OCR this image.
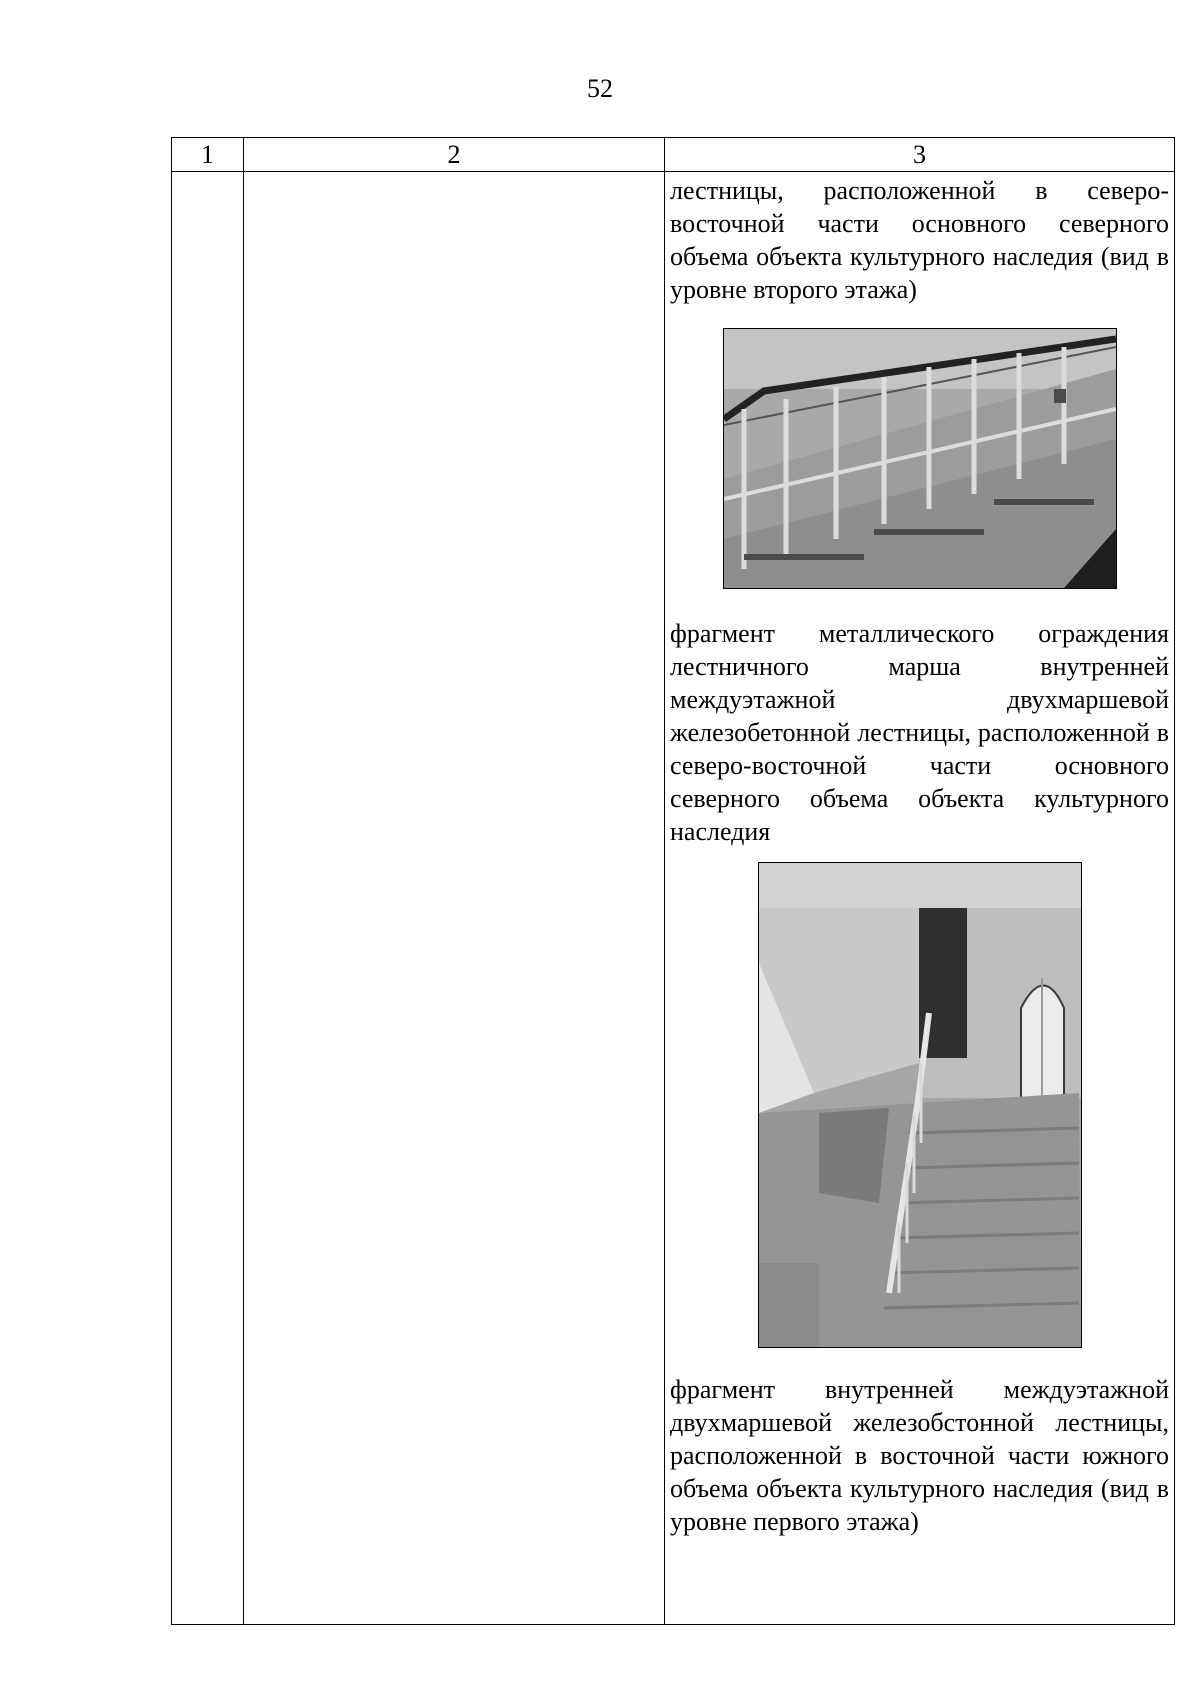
52
1	2	3

		лестницы, расположенной в северо-восточной части основного северного объема объекта культурного наследия (вид в уровне второго этажа)

фрагмент металлического ограждения лестничного марша внутренней междуэтажной двухмаршевой железобетонной лестницы, расположенной в северо-восточной части основного северного объема объекта культурного наследия

фрагмент внутренней междуэтажной двухмаршевой железобстонной лестницы, расположенной в восточной части южного объема объекта культурного наследия (вид в уровне первого этажа)
